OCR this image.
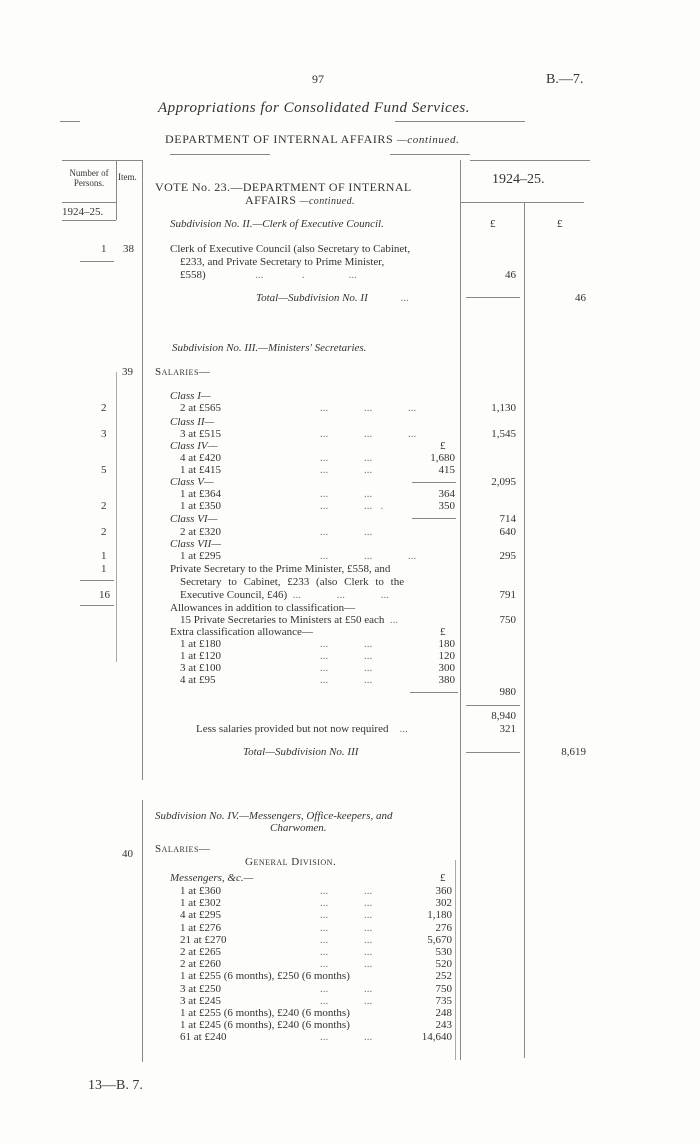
97	B.—7.
Appropriations for Consolidated Fund Services.
DEPARTMENT OF INTERNAL AFFAIRS —continued.
Number of Persons.
Item.
VOTE No. 23.—DEPARTMENT OF INTERNAL
AFFAIRS —continued.
1924–25.
1924–25.
£	£
Subdivision No. II.—Clerk of Executive Council.
1 38	Clerk of Executive Council (also Secretary to Cabinet,
£233, and Private Secretary to Prime Minister,
£558)                  ...              .                ...	46
Total—Subdivision No. II            ...	46
Subdivision No. III.—Ministers' Secretaries.
39 Salaries—
Class I—
2	2 at £565	...             ...             ...	1,130
Class II—
3	3 at £515	...             ...             ...	1,545
Class IV—	£
4 at £420	...             ...	1,680
5	1 at £415	...             ...	415
Class V—	2,095
1 at £364	...             ...	364
2	1 at £350	...             ...   .	350
Class VI—	714
2	2 at £320	...             ...	640
Class VII—
1	1 at £295	...             ...             ...	295
1	Private Secretary to the Prime Minister, £558, and
Secretary to Cabinet, £233 (also Clerk to the
16	Executive Council, £46)  ...             ...             ...	791
Allowances in addition to classification—
15 Private Secretaries to Ministers at £50 each  ...	750
Extra classification allowance—	£
1 at £180	...             ...	180
1 at £120	...             ...	120
3 at £100	...             ...	300
4 at £95	...             ...	380
980
8,940
Less salaries provided but not now required    ...	321
Total—Subdivision No. III	8,619
Subdivision No. IV.—Messengers, Office-keepers, and
Charwomen.
40 Salaries—
General Division.
Messengers, &c.—	£
1 at £360	...             ...	360
1 at £302	...             ...	302
4 at £295	...             ...	1,180
1 at £276	...             ...	276
21 at £270	...             ...	5,670
2 at £265	...             ...	530
2 at £260	...             ...	520
1 at £255 (6 months), £250 (6 months)	252
3 at £250	...             ...	750
3 at £245	...             ...	735
1 at £255 (6 months), £240 (6 months)	248
1 at £245 (6 months), £240 (6 months)	243
61 at £240	...             ...	14,640
13—B. 7.
